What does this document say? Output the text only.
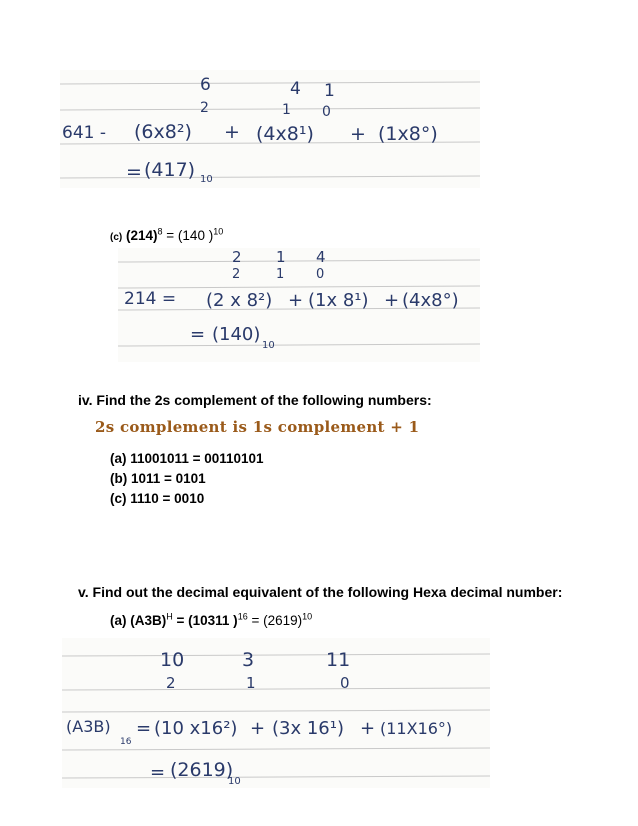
6	4 1
2	1 0
641 - (6x8²) + (4x8¹) + (1x8°)
= (417) 10
(c) $(214)^8 = (140$ )$^{10}$
2 1 4
2	1 0
214 = (2 x 8²) + (1x 8¹) + (4x8°)
= (140)
10
iv. Find the 2s complement of the following numbers:
2s complement is 1s complement + 1
(a) 11001011 = 00110101
(b) 1011 = 0101
(c) 1110 = 0010
v. Find out the decimal equivalent of the following Hexa decimal number:
(a) $(A3B)^H = (10311$ )$^{16} = (2619)^{10}$
10	3	11
2	1	0
(A3B)
16
= (10 x16²) + (3x 16¹) + (11X16°)
= (2619)
10
